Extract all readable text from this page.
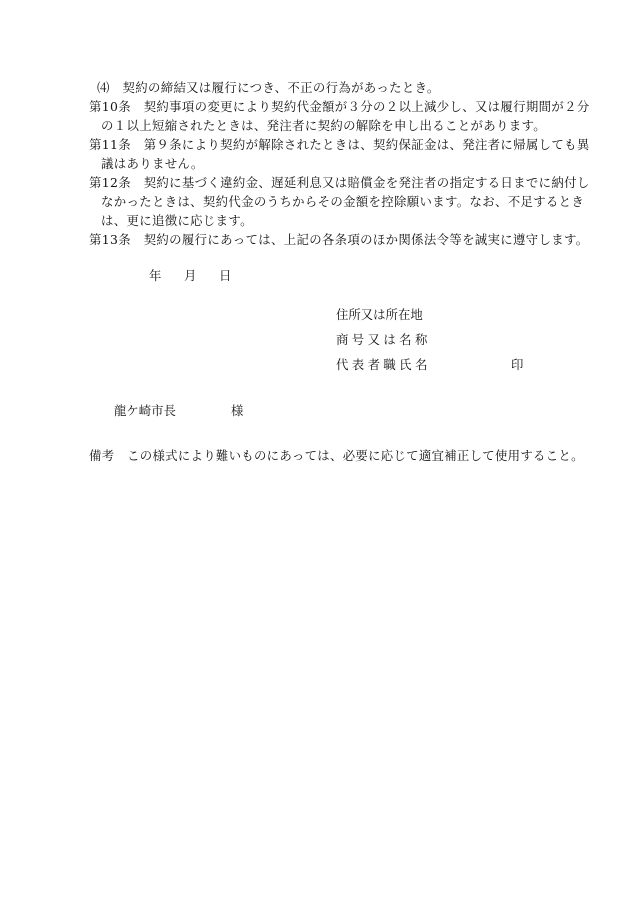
⑷　契約の締結又は履行につき、不正の行為があったとき。
第10条　契約事項の変更により契約代金額が３分の２以上減少し、又は履行期間が２分
の１以上短縮されたときは、発注者に契約の解除を申し出ることがあります。
第11条　第９条により契約が解除されたときは、契約保証金は、発注者に帰属しても異
議はありません。
第12条　契約に基づく違約金、遅延利息又は賠償金を発注者の指定する日までに納付し
なかったときは、契約代金のうちからその金額を控除願います。なお、不足するとき
は、更に追徴に応じます。
第13条　契約の履行にあっては、上記の各条項のほか関係法令等を誠実に遵守します。
年 月 日
住所又は所在地
商号又は名称
代表者職氏名	印
龍ケ崎市長	様
備考　この様式により難いものにあっては、必要に応じて適宜補正して使用すること。
